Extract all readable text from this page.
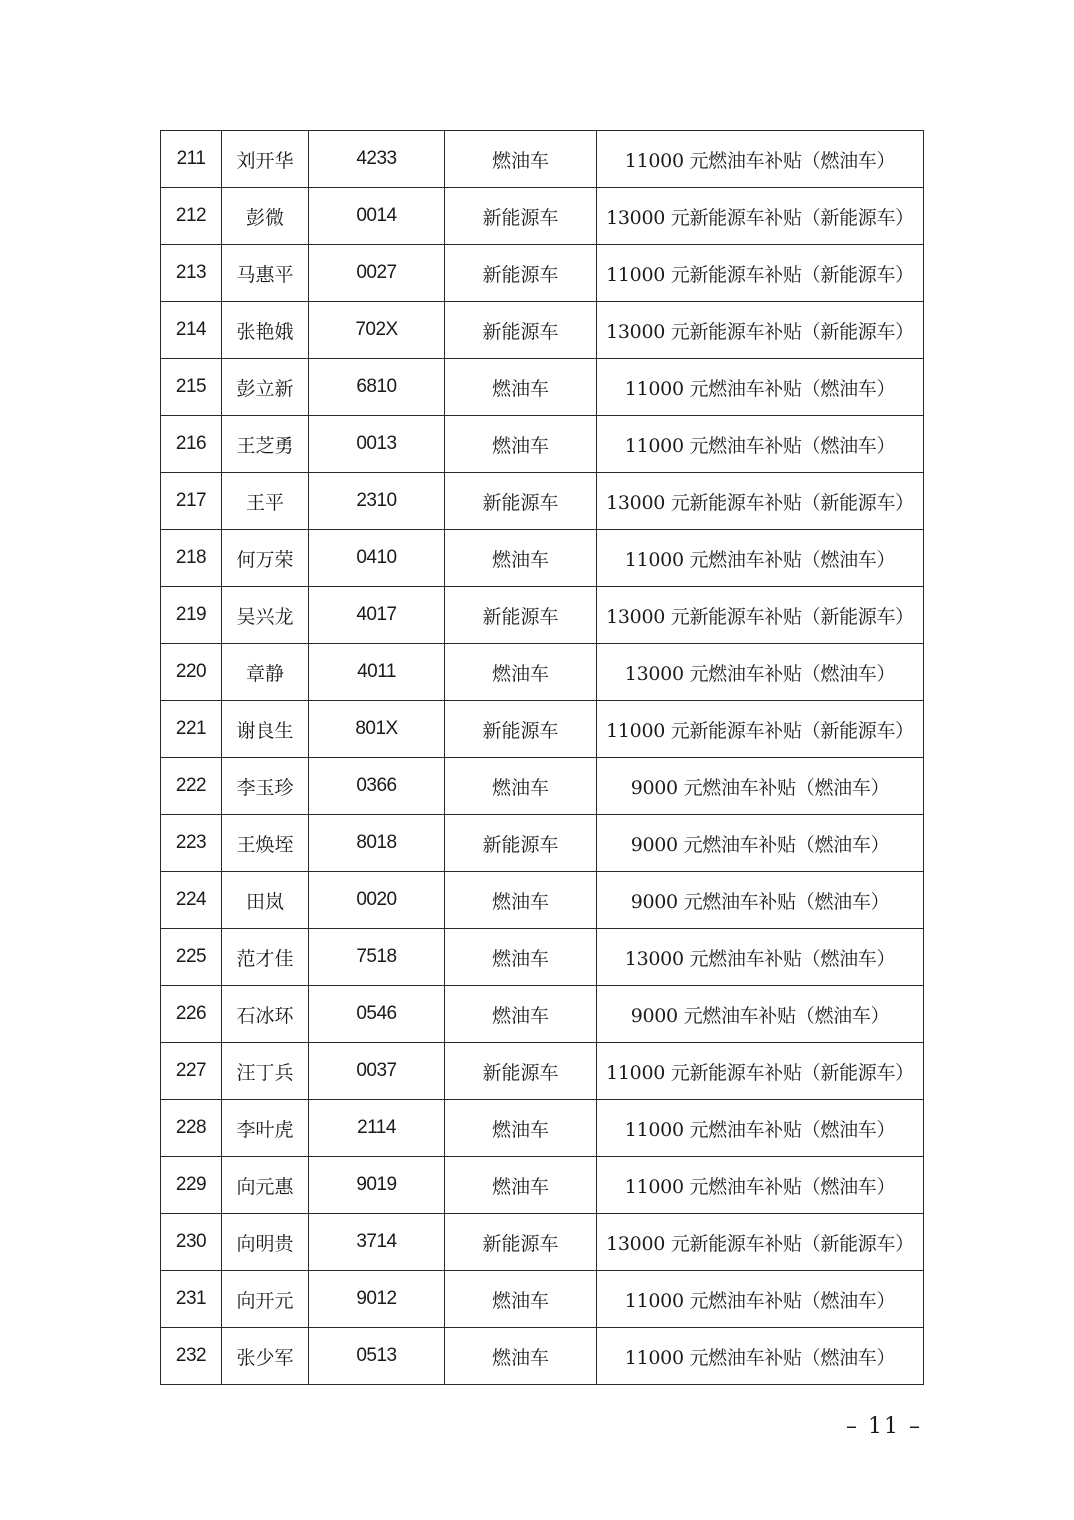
211	刘开华	4233	燃油车	11000 元燃油车补贴（燃油车）
212	彭微	0014	新能源车	13000 元新能源车补贴（新能源车）
213	马惠平	0027	新能源车	11000 元新能源车补贴（新能源车）
214	张艳娥	702X	新能源车	13000 元新能源车补贴（新能源车）
215	彭立新	6810	燃油车	11000 元燃油车补贴（燃油车）
216	王芝勇	0013	燃油车	11000 元燃油车补贴（燃油车）
217	王平	2310	新能源车	13000 元新能源车补贴（新能源车）
218	何万荣	0410	燃油车	11000 元燃油车补贴（燃油车）
219	吴兴龙	4017	新能源车	13000 元新能源车补贴（新能源车）
220	章静	4011	燃油车	13000 元燃油车补贴（燃油车）
221	谢良生	801X	新能源车	11000 元新能源车补贴（新能源车）
222	李玉珍	0366	燃油车	9000 元燃油车补贴（燃油车）
223	王焕垤	8018	新能源车	9000 元燃油车补贴（燃油车）
224	田岚	0020	燃油车	9000 元燃油车补贴（燃油车）
225	范才佳	7518	燃油车	13000 元燃油车补贴（燃油车）
226	石冰环	0546	燃油车	9000 元燃油车补贴（燃油车）
227	汪丁兵	0037	新能源车	11000 元新能源车补贴（新能源车）
228	李叶虎	2114	燃油车	11000 元燃油车补贴（燃油车）
229	向元惠	9019	燃油车	11000 元燃油车补贴（燃油车）
230	向明贵	3714	新能源车	13000 元新能源车补贴（新能源车）
231	向开元	9012	燃油车	11000 元燃油车补贴（燃油车）
232	张少军	0513	燃油车	11000 元燃油车补贴（燃油车）
– 11 –
